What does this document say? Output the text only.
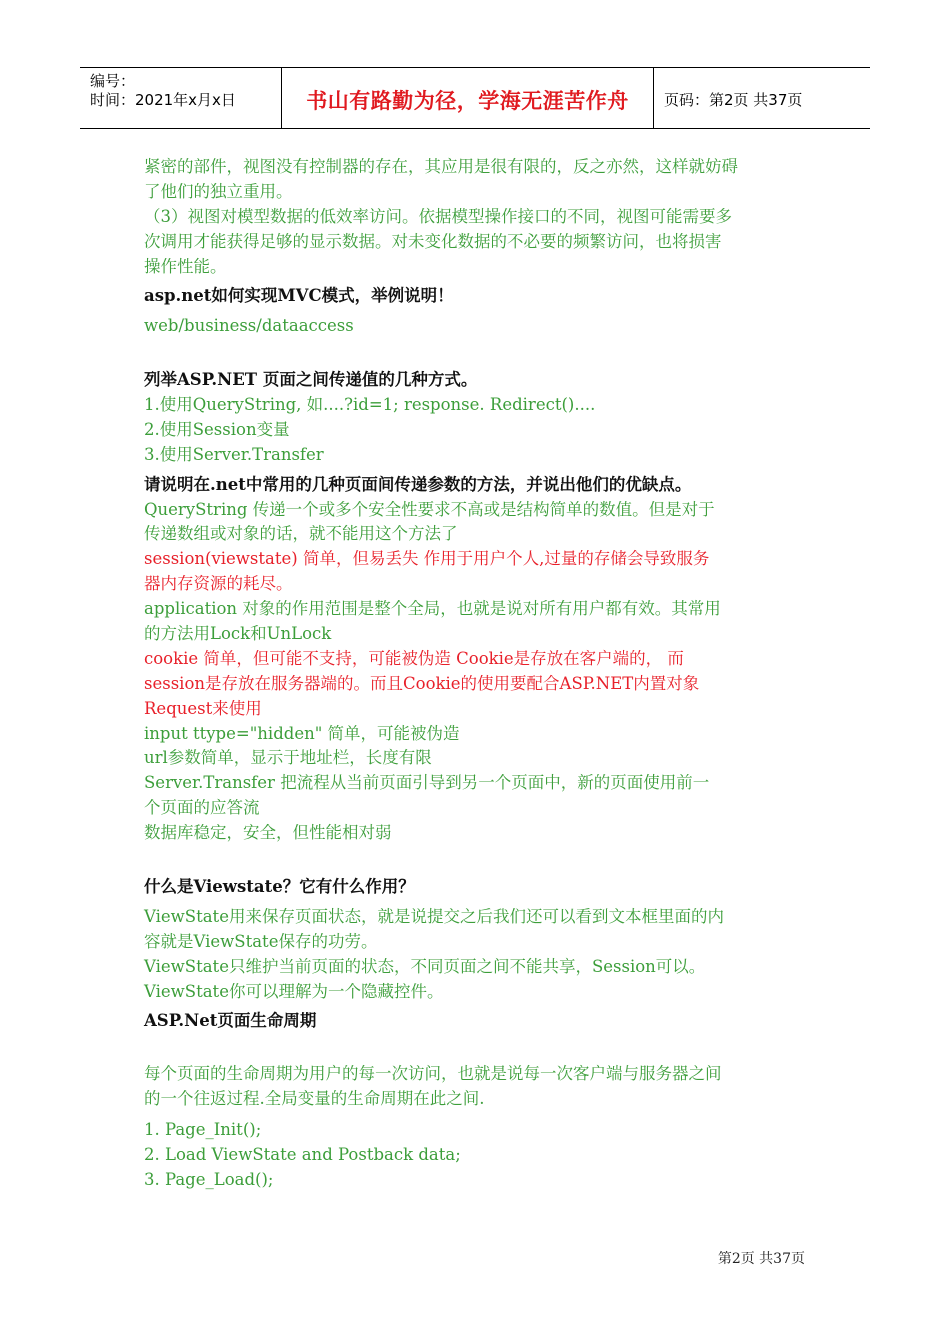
编号：
时间：2021年x月x日	书山有路勤为径，学海无涯苦作舟	页码：第2页 共37页
紧密的部件，视图没有控制器的存在，其应用是很有限的，反之亦然，这样就妨碍
了他们的独立重用。
（3）视图对模型数据的低效率访问。依据模型操作接口的不同，视图可能需要多
次调用才能获得足够的显示数据。对未变化数据的不必要的频繁访问，也将损害
操作性能。
asp.net如何实现MVC模式，举例说明！
web/business/dataaccess
列举ASP.NET 页面之间传递值的几种方式。
1.使用QueryString, 如....?id=1; response. Redirect()....
2.使用Session变量
3.使用Server.Transfer
请说明在.net中常用的几种页面间传递参数的方法，并说出他们的优缺点。
QueryString 传递一个或多个安全性要求不高或是结构简单的数值。但是对于
传递数组或对象的话，就不能用这个方法了
session(viewstate) 简单，但易丢失 作用于用户个人,过量的存储会导致服务
器内存资源的耗尽。
application 对象的作用范围是整个全局，也就是说对所有用户都有效。其常用
的方法用Lock和UnLock
cookie 简单，但可能不支持，可能被伪造 Cookie是存放在客户端的， 而
session是存放在服务器端的。而且Cookie的使用要配合ASP.NET内置对象
Request来使用
input ttype="hidden" 简单，可能被伪造
url参数简单，显示于地址栏，长度有限
Server.Transfer 把流程从当前页面引导到另一个页面中，新的页面使用前一
个页面的应答流
数据库稳定，安全，但性能相对弱
什么是Viewstate？它有什么作用？
ViewState用来保存页面状态，就是说提交之后我们还可以看到文本框里面的内
容就是ViewState保存的功劳。
ViewState只维护当前页面的状态，不同页面之间不能共享，Session可以。
ViewState你可以理解为一个隐藏控件。
ASP.Net页面生命周期
每个页面的生命周期为用户的每一次访问，也就是说每一次客户端与服务器之间
的一个往返过程.全局变量的生命周期在此之间.
1. Page_Init();
2. Load ViewState and Postback data;
3. Page_Load();
第2页 共37页
